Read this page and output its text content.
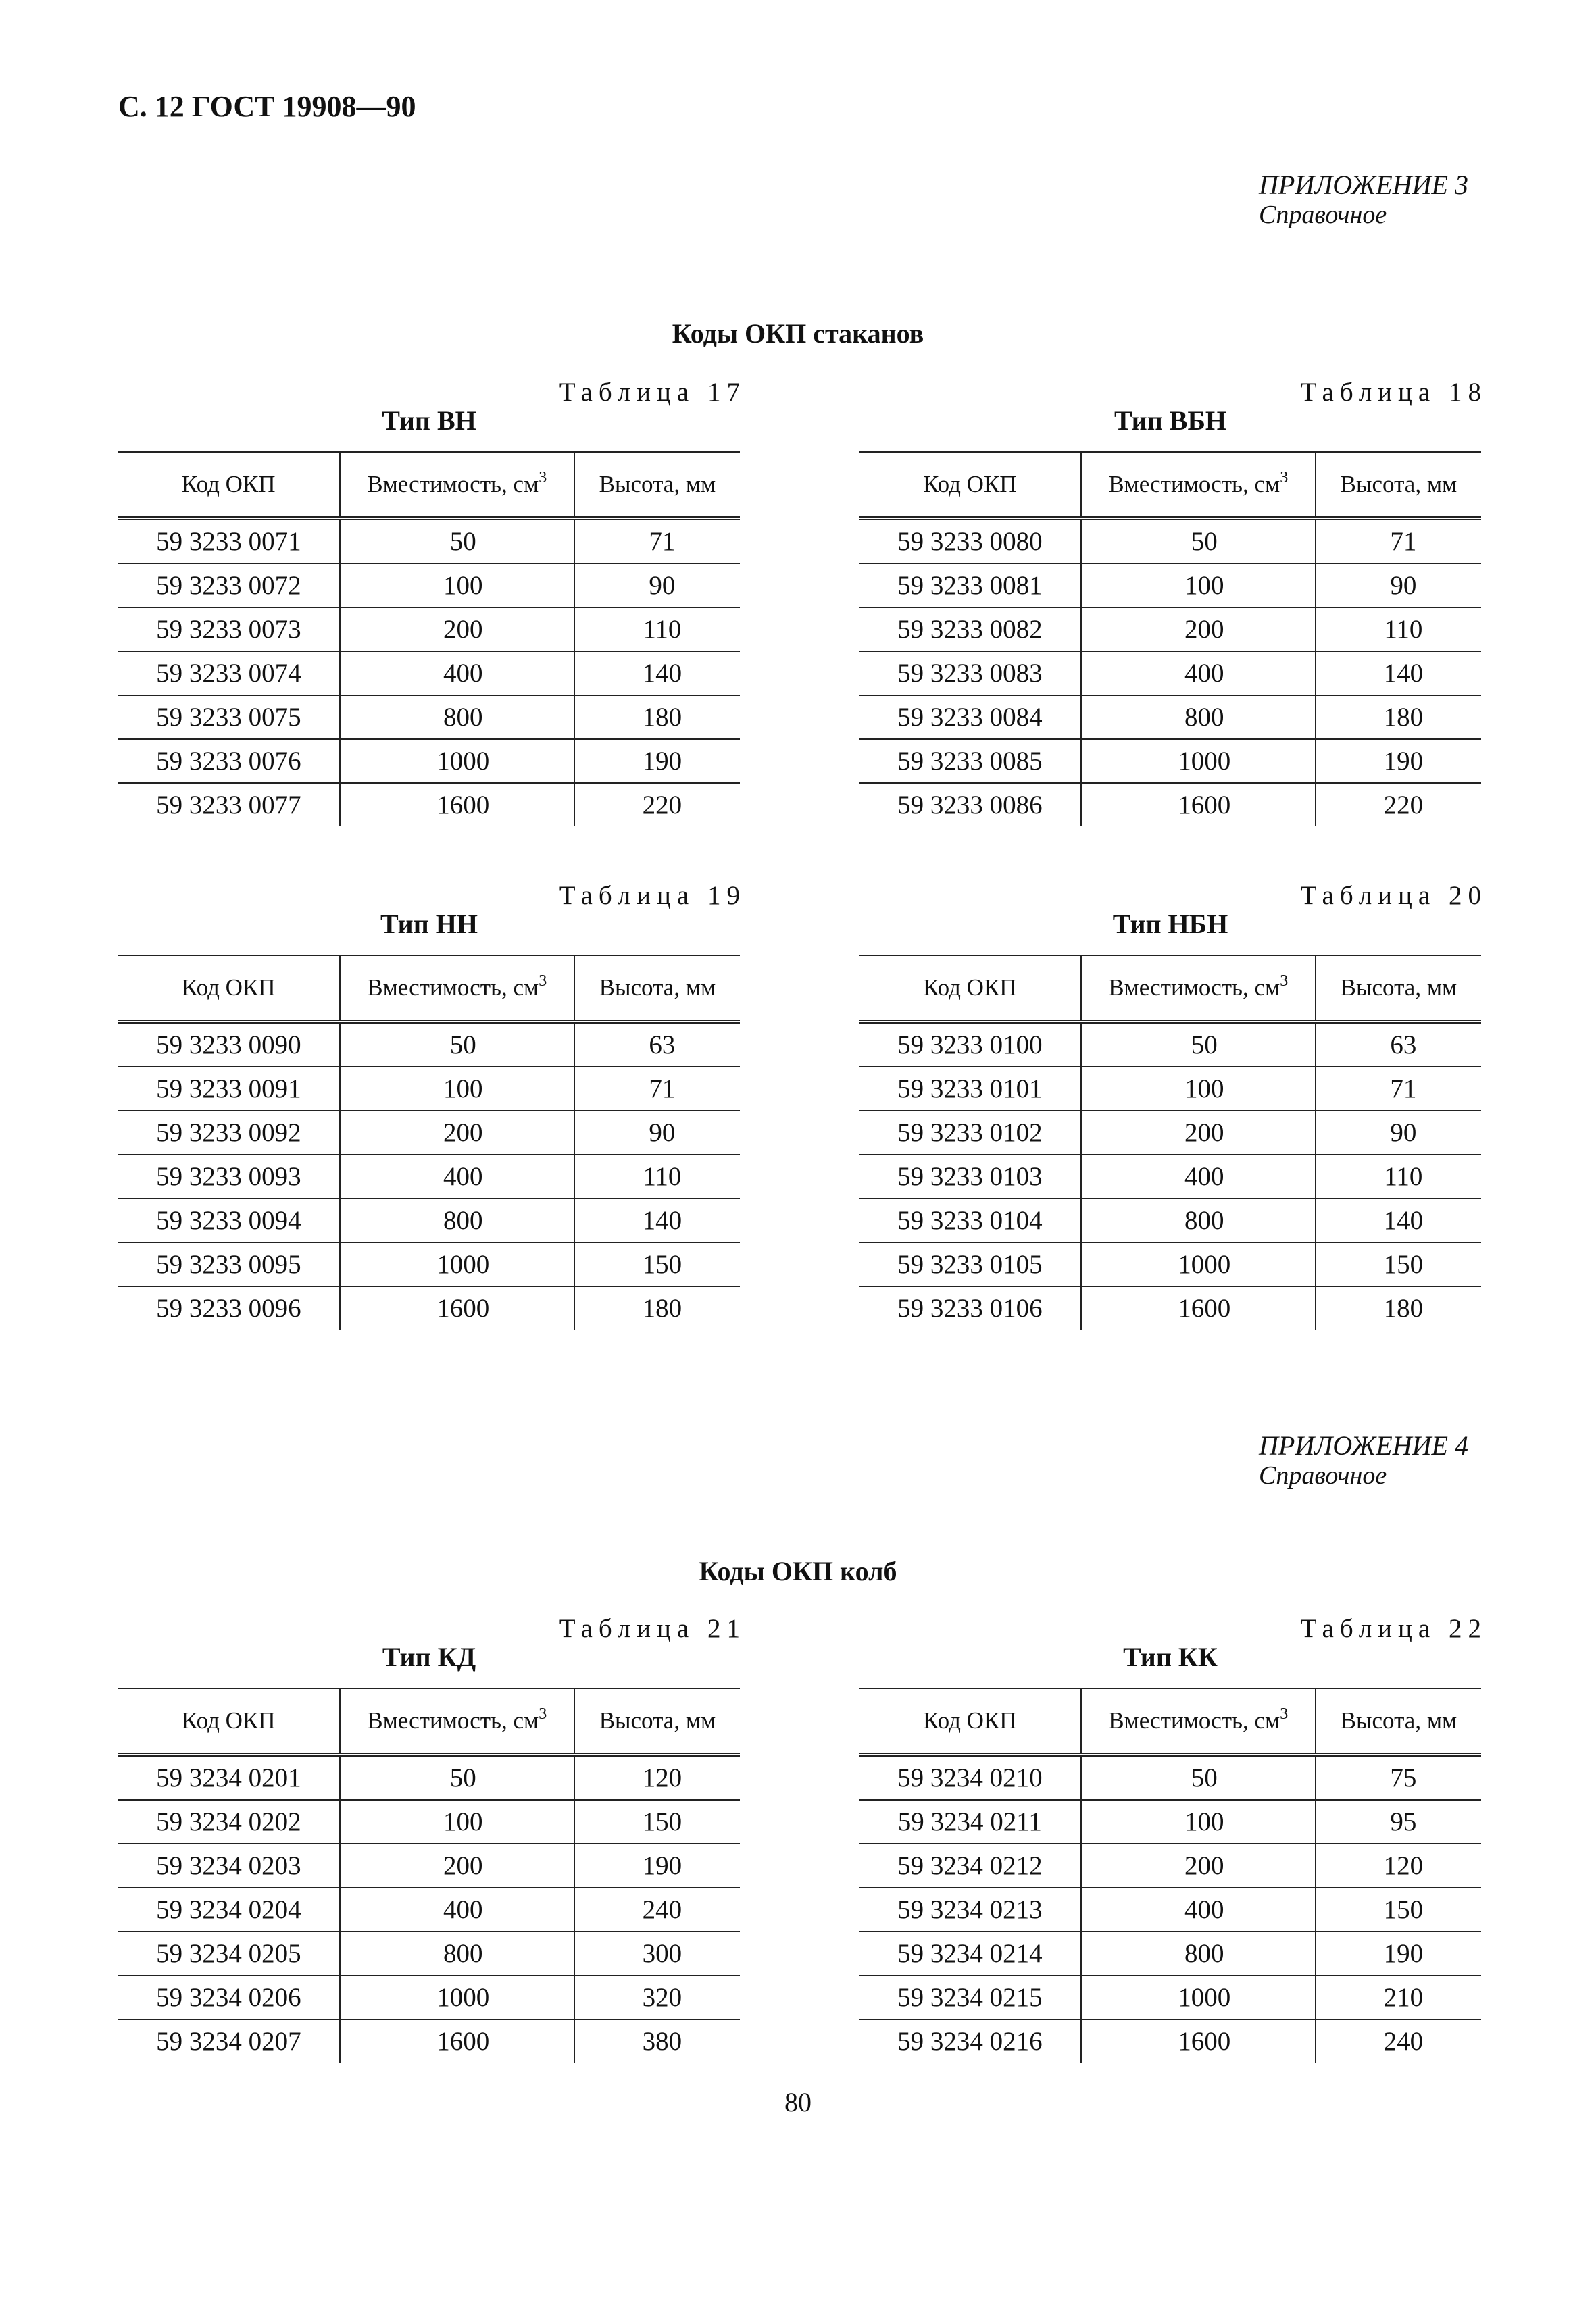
С. 12 ГОСТ 19908—90
ПРИЛОЖЕНИЕ 3
Справочное
Коды ОКП стаканов
Таблица 17
Тип ВН
Код ОКП	Вместимость, $см^3$	Высота, мм
59 3233 0071	50	71
59 3233 0072	100	90
59 3233 0073	200	110
59 3233 0074	400	140
59 3233 0075	800	180
59 3233 0076	1000	190
59 3233 0077	1600	220
Таблица 18
Тип ВБН
Код ОКП	Вместимость, $см^3$	Высота, мм
59 3233 0080	50	71
59 3233 0081	100	90
59 3233 0082	200	110
59 3233 0083	400	140
59 3233 0084	800	180
59 3233 0085	1000	190
59 3233 0086	1600	220
Таблица 19
Тип НН
Код ОКП	Вместимость, $см^3$	Высота, мм
59 3233 0090	50	63
59 3233 0091	100	71
59 3233 0092	200	90
59 3233 0093	400	110
59 3233 0094	800	140
59 3233 0095	1000	150
59 3233 0096	1600	180
Таблица 20
Тип НБН
Код ОКП	Вместимость, $см^3$	Высота, мм
59 3233 0100	50	63
59 3233 0101	100	71
59 3233 0102	200	90
59 3233 0103	400	110
59 3233 0104	800	140
59 3233 0105	1000	150
59 3233 0106	1600	180
ПРИЛОЖЕНИЕ 4
Справочное
Коды ОКП колб
Таблица 21
Тип КД
Код ОКП	Вместимость, $см^3$	Высота, мм
59 3234 0201	50	120
59 3234 0202	100	150
59 3234 0203	200	190
59 3234 0204	400	240
59 3234 0205	800	300
59 3234 0206	1000	320
59 3234 0207	1600	380
Таблица 22
Тип КК
Код ОКП	Вместимость, $см^3$	Высота, мм
59 3234 0210	50	75
59 3234 0211	100	95
59 3234 0212	200	120
59 3234 0213	400	150
59 3234 0214	800	190
59 3234 0215	1000	210
59 3234 0216	1600	240
80
